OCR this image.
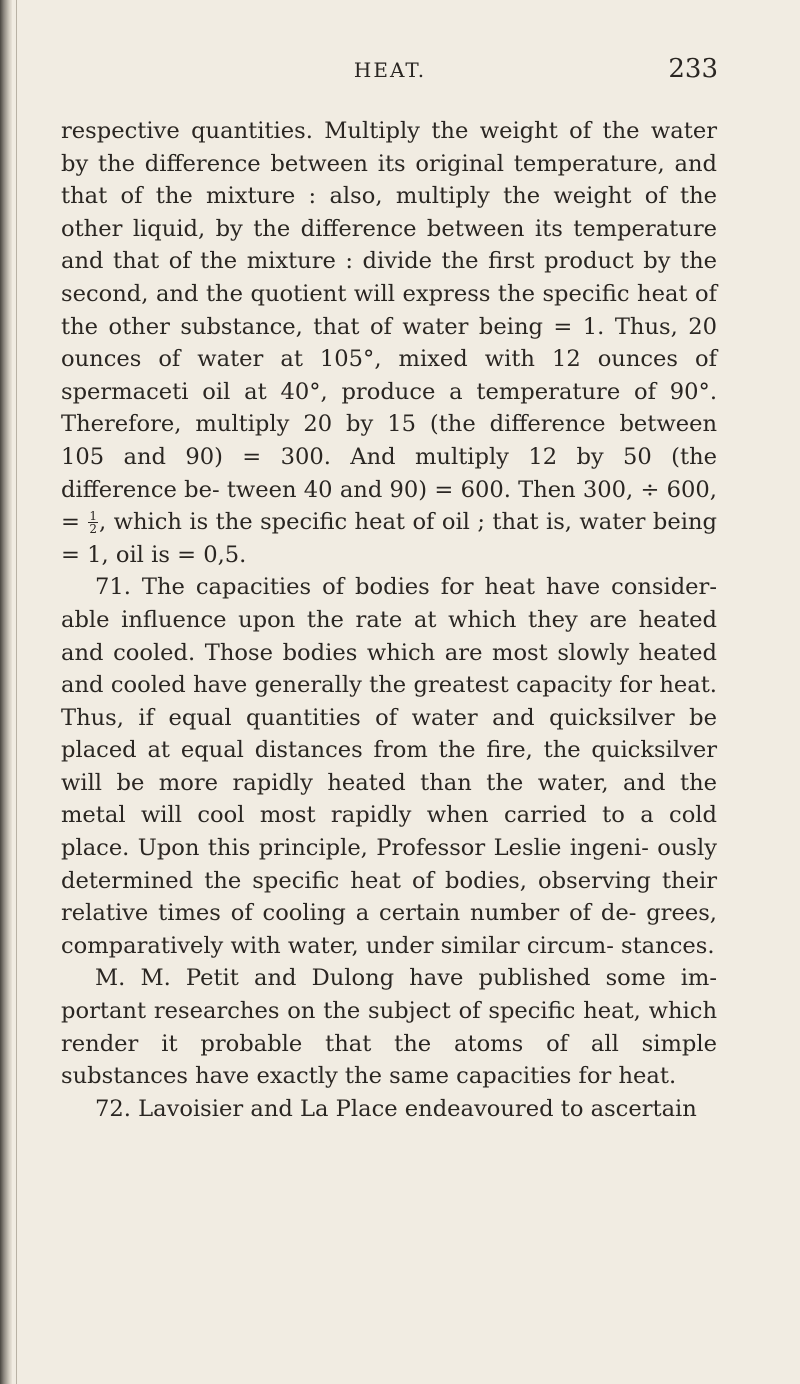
HEAT.	233

respective quantities. Multiply the weight of the water by the difference between its original temperature, and that of the mixture : also, multiply the weight of the other liquid, by the difference between its temperature and that of the mixture : divide the first product by the second, and the quotient will express the specific heat of the other substance, that of water being = 1. Thus, 20 ounces of water at 105°, mixed with 12 ounces of spermaceti oil at 40°, produce a temperature of 90°. Therefore, multiply 20 by 15 (the difference between 105 and 90) = 300. And multiply 12 by 50 (the difference be- tween 40 and 90) = 600. Then 300, ÷ 600, = $\frac{1}{2}$ , which is the specific heat of oil ; that is, water being = 1, oil is = 0,5.

71. The capacities of bodies for heat have consider- able influence upon the rate at which they are heated and cooled. Those bodies which are most slowly heated and cooled have generally the greatest capacity for heat. Thus, if equal quantities of water and quicksilver be placed at equal distances from the fire, the quicksilver will be more rapidly heated than the water, and the metal will cool most rapidly when carried to a cold place. Upon this principle, Professor Leslie ingeni- ously determined the specific heat of bodies, observing their relative times of cooling a certain number of de- grees, comparatively with water, under similar circum- stances.

M. M. Petit and Dulong have published some im- portant researches on the subject of specific heat, which render it probable that the atoms of all simple substances have exactly the same capacities for heat.

72. Lavoisier and La Place endeavoured to ascertain
